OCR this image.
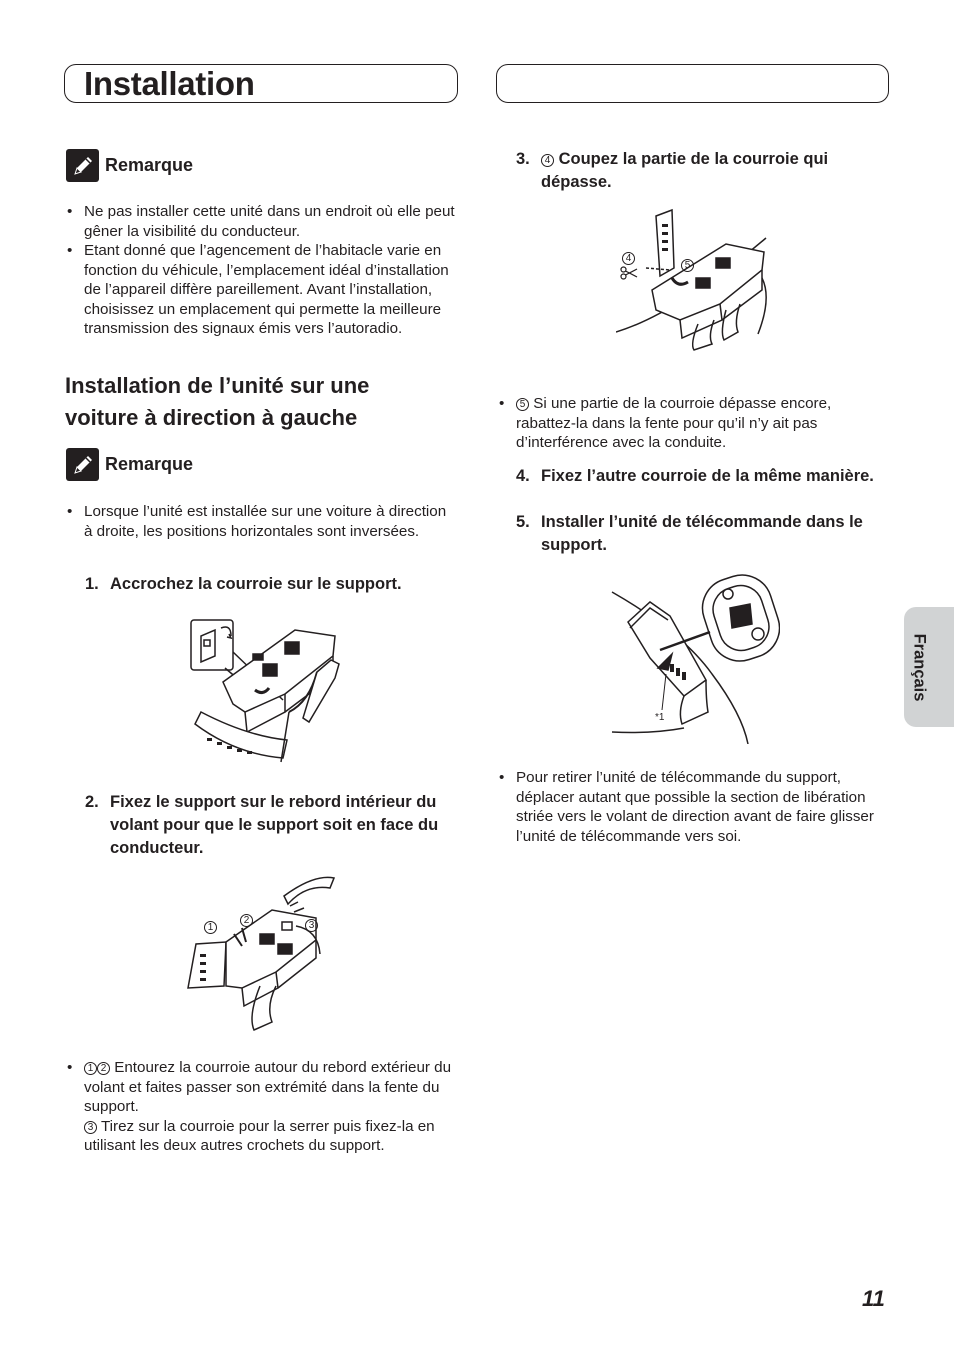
Installation
Remarque
• Ne pas installer cette unité dans un endroit où elle peut gêner la visibilité du conducteur.
• Etant donné que l’agencement de l’habitacle varie en fonction du véhicule, l’emplacement idéal d’installation de l’appareil diffère pareillement. Avant l’installation, choisissez un emplacement qui permette la meilleure transmission des signaux émis vers l’autoradio.
Installation de l’unité sur une voiture à direction à gauche
Remarque
• Lorsque l’unité est installée sur une voiture à direction à droite, les positions horizontales sont inversées.
1. Accrochez la courroie sur le support.
2. Fixez le support sur le rebord intérieur du volant pour que le support soit en face du conducteur.
1
2	3
• 1 2 Entourez la courroie autour du rebord extérieur du volant et faites passer son extrémité dans la fente du support.
3 Tirez sur la courroie pour la serrer puis fixez-la en utilisant les deux autres crochets du support.
3.	4 Coupez la partie de la courroie qui dépasse.
4
5
• 5 Si une partie de la courroie dépasse encore, rabattez-la dans la fente pour qu’il n’y ait pas d’interférence avec la conduite.
4. Fixez l’autre courroie de la même manière.
5. Installer l’unité de télécommande dans le support.
*1
• Pour retirer l’unité de télécommande du support, déplacer autant que possible la section de libération striée vers le volant de direction avant de faire glisser l’unité de télécommande vers soi.
Français
11
